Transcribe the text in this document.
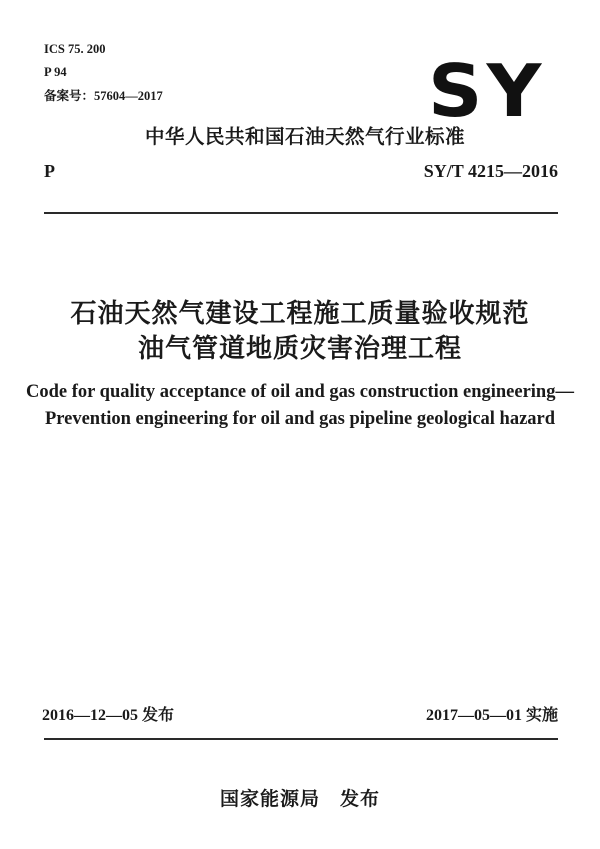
ICS 75. 200
P 94
备案号：57604—2017	SY
中华人民共和国石油天然气行业标准
P	SY/T 4215—2016
石油天然气建设工程施工质量验收规范
油气管道地质灾害治理工程
Code for quality acceptance of oil and gas construction engineering—
Prevention engineering for oil and gas pipeline geological hazard
2016—12—05 发布	2017—05—01 实施
国家能源局　发布
